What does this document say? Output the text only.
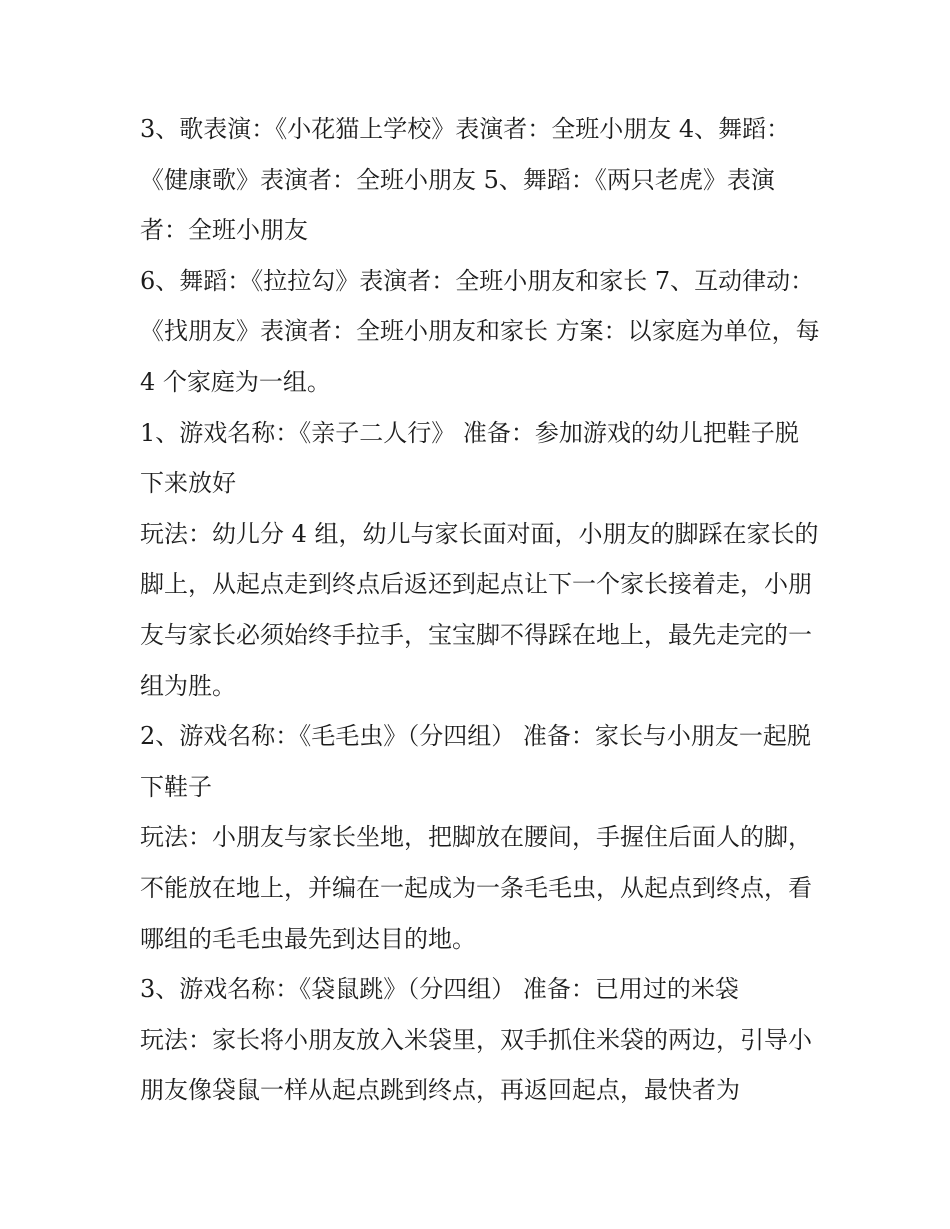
3、歌表演：《小花猫上学校》表演者：全班小朋友 4、舞蹈：《健康歌》表演者：全班小朋友 5、舞蹈：《两只老虎》表演者：全班小朋友

6、舞蹈：《拉拉勾》表演者：全班小朋友和家长 7、互动律动：《找朋友》表演者：全班小朋友和家长 方案：以家庭为单位，每 4 个家庭为一组。

1、游戏名称：《亲子二人行》 准备：参加游戏的幼儿把鞋子脱下来放好

玩法：幼儿分 4 组，幼儿与家长面对面，小朋友的脚踩在家长的脚上，从起点走到终点后返还到起点让下一个家长接着走，小朋友与家长必须始终手拉手，宝宝脚不得踩在地上，最先走完的一组为胜。

2、游戏名称：《毛毛虫》（分四组） 准备：家长与小朋友一起脱下鞋子

玩法：小朋友与家长坐地，把脚放在腰间，手握住后面人的脚，不能放在地上，并编在一起成为一条毛毛虫，从起点到终点，看哪组的毛毛虫最先到达目的地。

3、游戏名称：《袋鼠跳》（分四组） 准备：已用过的米袋

玩法：家长将小朋友放入米袋里，双手抓住米袋的两边，引导小朋友像袋鼠一样从起点跳到终点，再返回起点，最快者为
